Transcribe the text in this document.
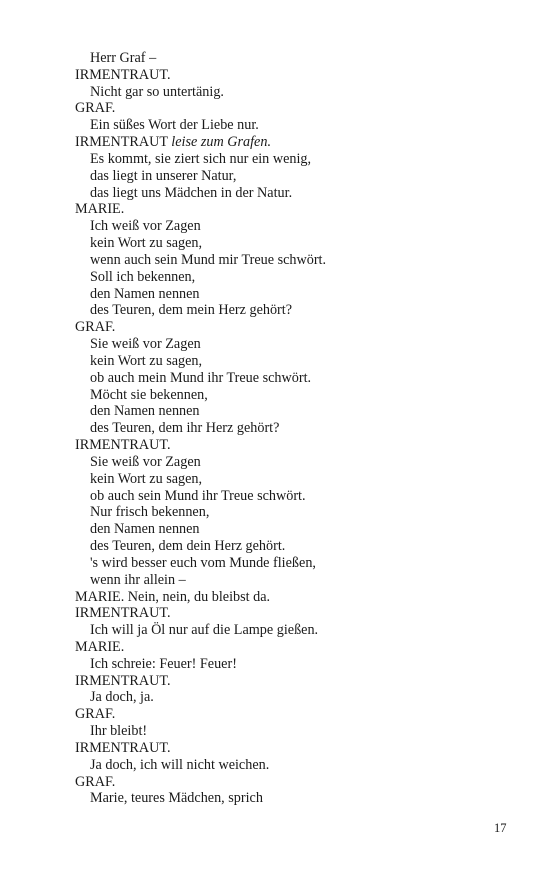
Herr Graf –
IRMENTRAUT.
Nicht gar so untertänig.
GRAF.
Ein süßes Wort der Liebe nur.
IRMENTRAUT leise zum Grafen.
Es kommt, sie ziert sich nur ein wenig,
das liegt in unserer Natur,
das liegt uns Mädchen in der Natur.
MARIE.
Ich weiß vor Zagen
kein Wort zu sagen,
wenn auch sein Mund mir Treue schwört.
Soll ich bekennen,
den Namen nennen
des Teuren, dem mein Herz gehört?
GRAF.
Sie weiß vor Zagen
kein Wort zu sagen,
ob auch mein Mund ihr Treue schwört.
Möcht sie bekennen,
den Namen nennen
des Teuren, dem ihr Herz gehört?
IRMENTRAUT.
Sie weiß vor Zagen
kein Wort zu sagen,
ob auch sein Mund ihr Treue schwört.
Nur frisch bekennen,
den Namen nennen
des Teuren, dem dein Herz gehört.
's wird besser euch vom Munde fließen,
wenn ihr allein –
MARIE. Nein, nein, du bleibst da.
IRMENTRAUT.
Ich will ja Öl nur auf die Lampe gießen.
MARIE.
Ich schreie: Feuer! Feuer!
IRMENTRAUT.
Ja doch, ja.
GRAF.
Ihr bleibt!
IRMENTRAUT.
Ja doch, ich will nicht weichen.
GRAF.
Marie, teures Mädchen, sprich
17
